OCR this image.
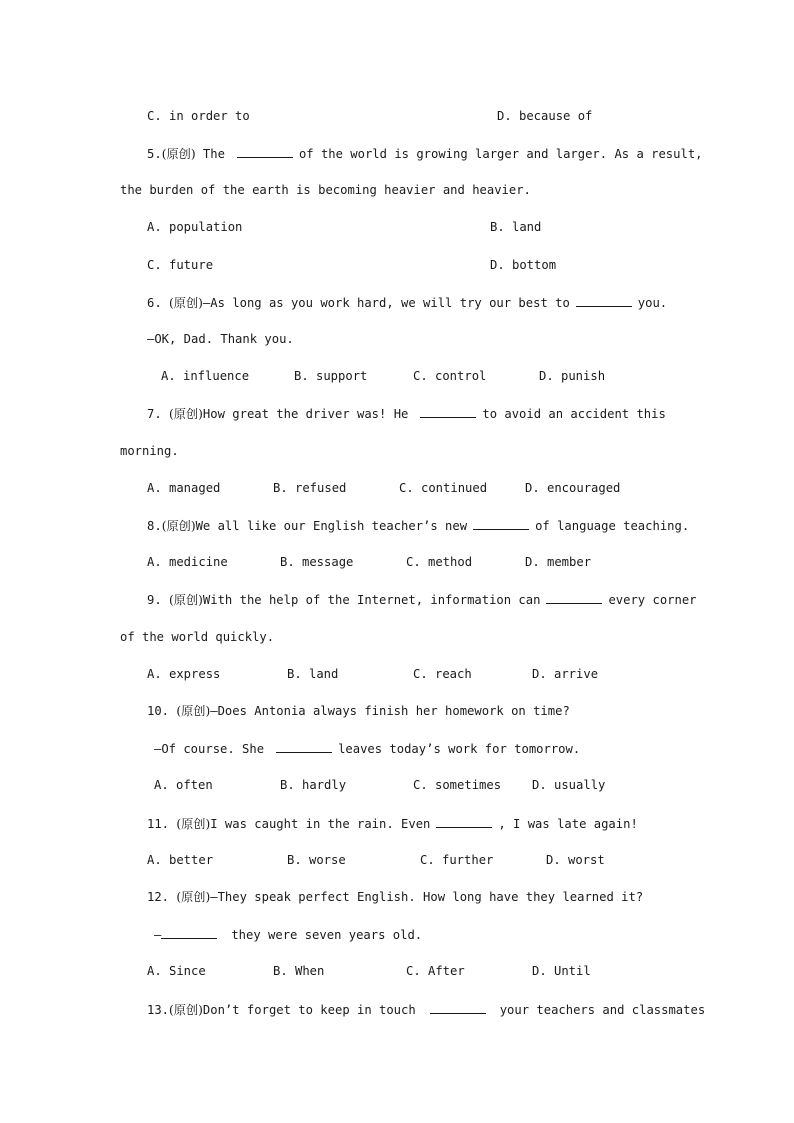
C. in order to	D. because of
5.(原创) The	of the world is growing larger and larger. As a result,
the burden of the earth is becoming heavier and heavier.
A. population	B. land
C. future	D. bottom
6. (原创)—As long as you work hard, we will try our best to	you.
—OK, Dad. Thank you.
A. influence	B. support	C. control	D. punish
7. (原创)How great the driver was! He	to avoid an accident this
morning.
A. managed	B. refused	C. continued	D. encouraged
8.(原创)We all like our English teacher’s new	of language teaching.
A. medicine	B. message	C. method	D. member
9. (原创)With the help of the Internet, information can	every corner
of the world quickly.
A. express	B. land	C. reach	D. arrive
10. (原创)—Does Antonia always finish her homework on time?
—Of course. She	leaves today’s work for tomorrow.
A. often	B. hardly	C. sometimes	D. usually
11. (原创)I was caught in the rain. Even	, I was late again!
A. better	B. worse	C. further	D. worst
12. (原创)—They speak perfect English. How long have they learned it?
—	they were seven years old.
A. Since	B. When	C. After	D. Until
13.(原创)Don’t forget to keep in touch	your teachers and classmates
